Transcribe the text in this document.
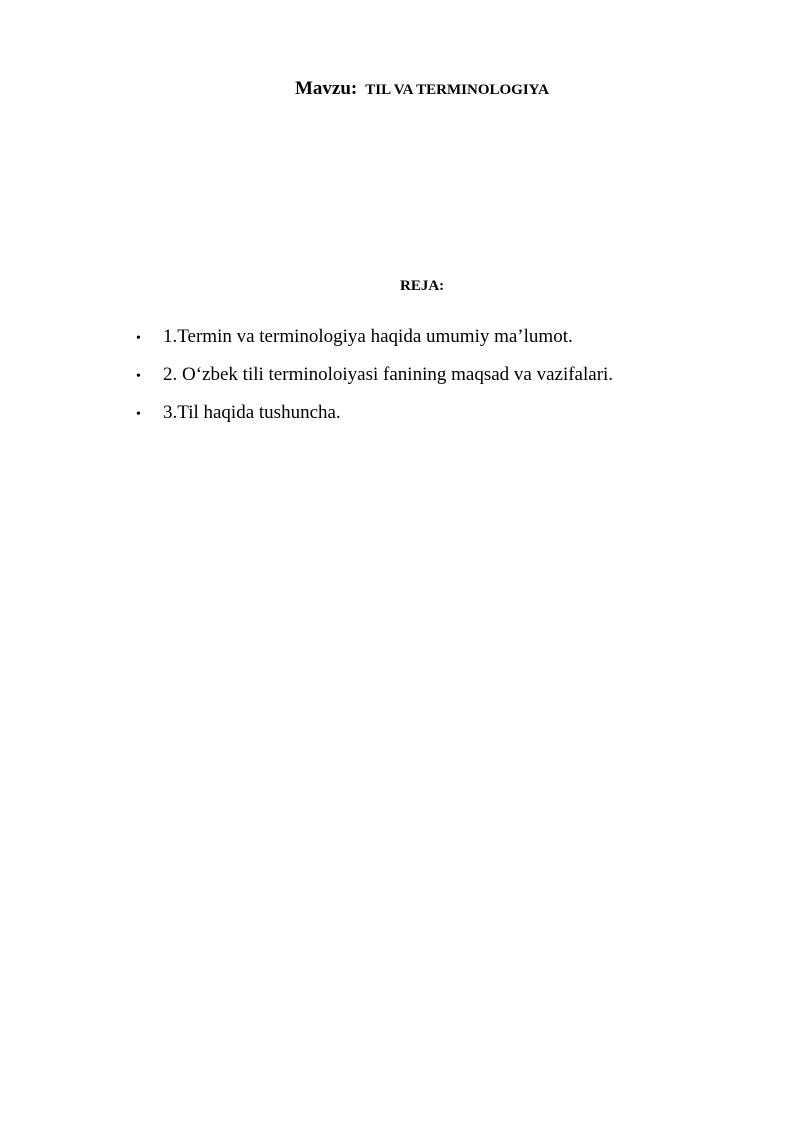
Mavzu: TIL VA TERMINOLOGIYA
REJA:
•	1.Termin va terminologiya haqida umumiy ma’lumot.
•	2. O‘zbek tili terminoloiyasi fanining maqsad va vazifalari.
•	3.Til haqida tushuncha.
